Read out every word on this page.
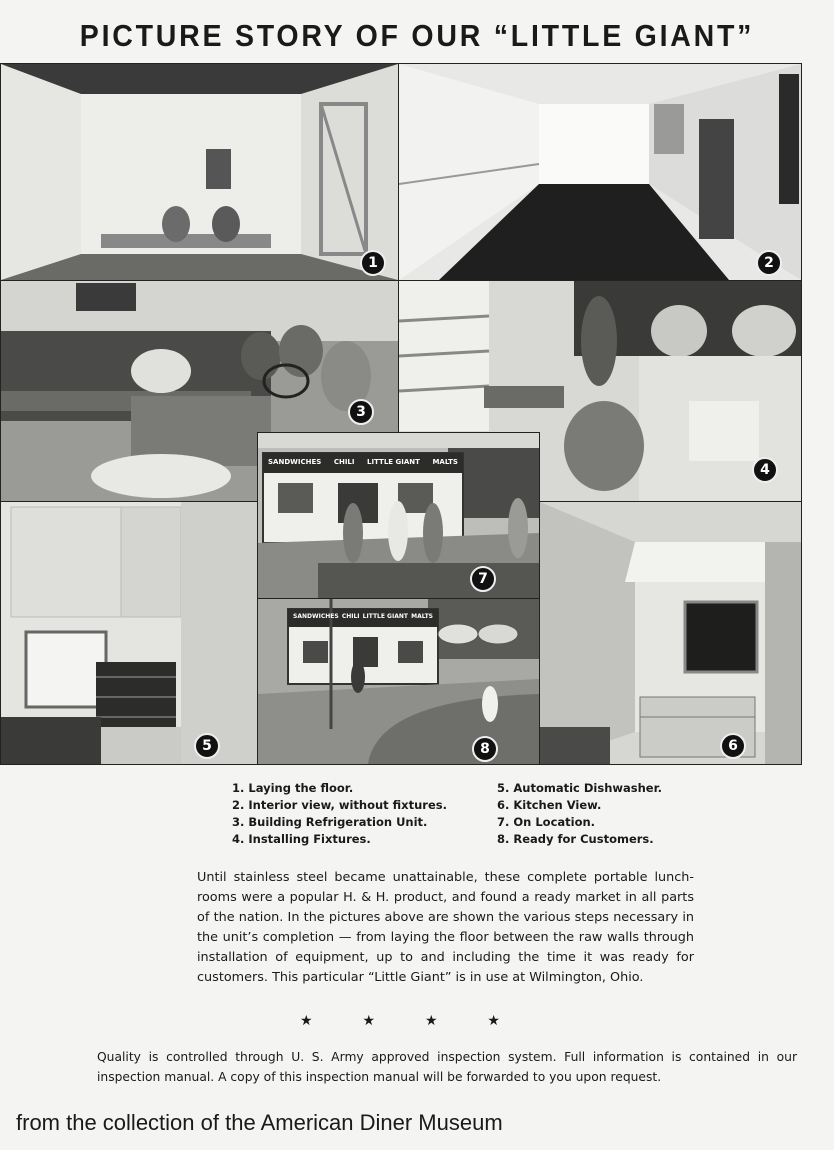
PICTURE STORY OF OUR “LITTLE GIANT”
1	2
3
4
5
SANDWICHES CHILI LITTLE GIANT MALTS
7
SANDWICHES CHILI LITTLE GIANT MALTS
8	6
1. Laying the floor.
2. Interior view, without fixtures.
3. Building Refrigeration Unit.
4. Installing Fixtures.
5. Automatic Dishwasher.
6. Kitchen View.
7. On Location.
8. Ready for Customers.
Until stainless steel became unattainable, these complete portable lunch-rooms were a popular H. & H. product, and found a ready market in all parts of the nation. In the pictures above are shown the various steps necessary in the unit’s completion — from laying the floor between the raw walls through installation of equipment, up to and including the time it was ready for customers. This particular “Little Giant” is in use at Wilmington, Ohio.
★	★	★	★
Quality is controlled through U. S. Army approved inspection system. Full information is contained in our inspection manual. A copy of this inspection manual will be forwarded to you upon request.
from the collection of the American Diner Museum
